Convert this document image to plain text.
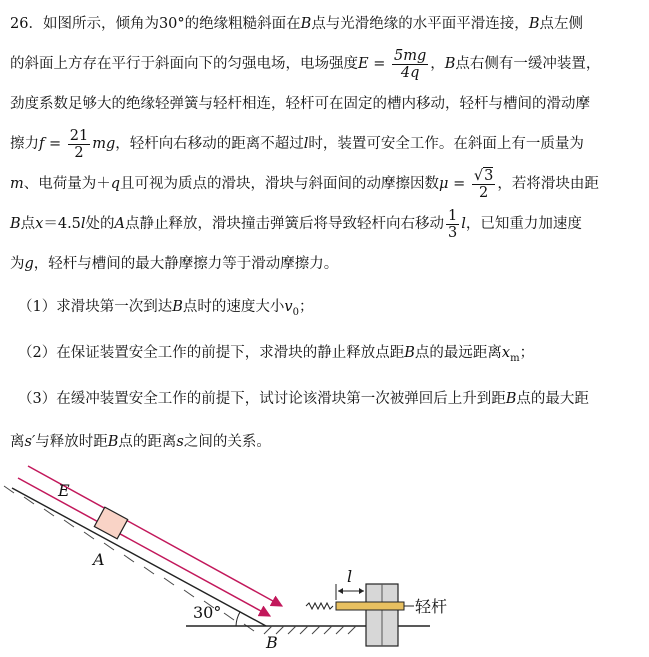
26．如图所示，倾角为30°的绝缘粗糙斜面在B点与光滑绝缘的水平面平滑连接，B点左侧
的斜面上方存在平行于斜面向下的匀强电场，电场强度$E = \frac{5mg}{4q}$ ，B点右侧有一缓冲装置，
劲度系数足够大的绝缘轻弹簧与轻杆相连，轻杆可在固定的槽内移动，轻杆与槽间的滑动摩
擦力$f = \frac{21}{2}$ mg，轻杆向右移动的距离不超过l时，装置可安全工作。在斜面上有一质量为
m、电荷量为＋q且可视为质点的滑块，滑块与斜面间的动摩擦因数$\mu = \frac{√3}{2}$ ，若将滑块由距
B点x＝4.5l处的A点静止释放，滑块撞击弹簧后将导致轻杆向右移动 $\frac{1}{3}$ l，已知重力加速度
为g，轻杆与槽间的最大静摩擦力等于滑动摩擦力。
（1）求滑块第一次到达B点时的速度大小$v_0$；
（2）在保证装置安全工作的前提下，求滑块的静止释放点距B点的最远距离$x_m$；
（3）在缓冲装置安全工作的前提下，试讨论该滑块第一次被弹回后上升到距B点的最大距
离s′与释放时距B点的距离s之间的关系。
30°
E
A
B
l
轻杆
